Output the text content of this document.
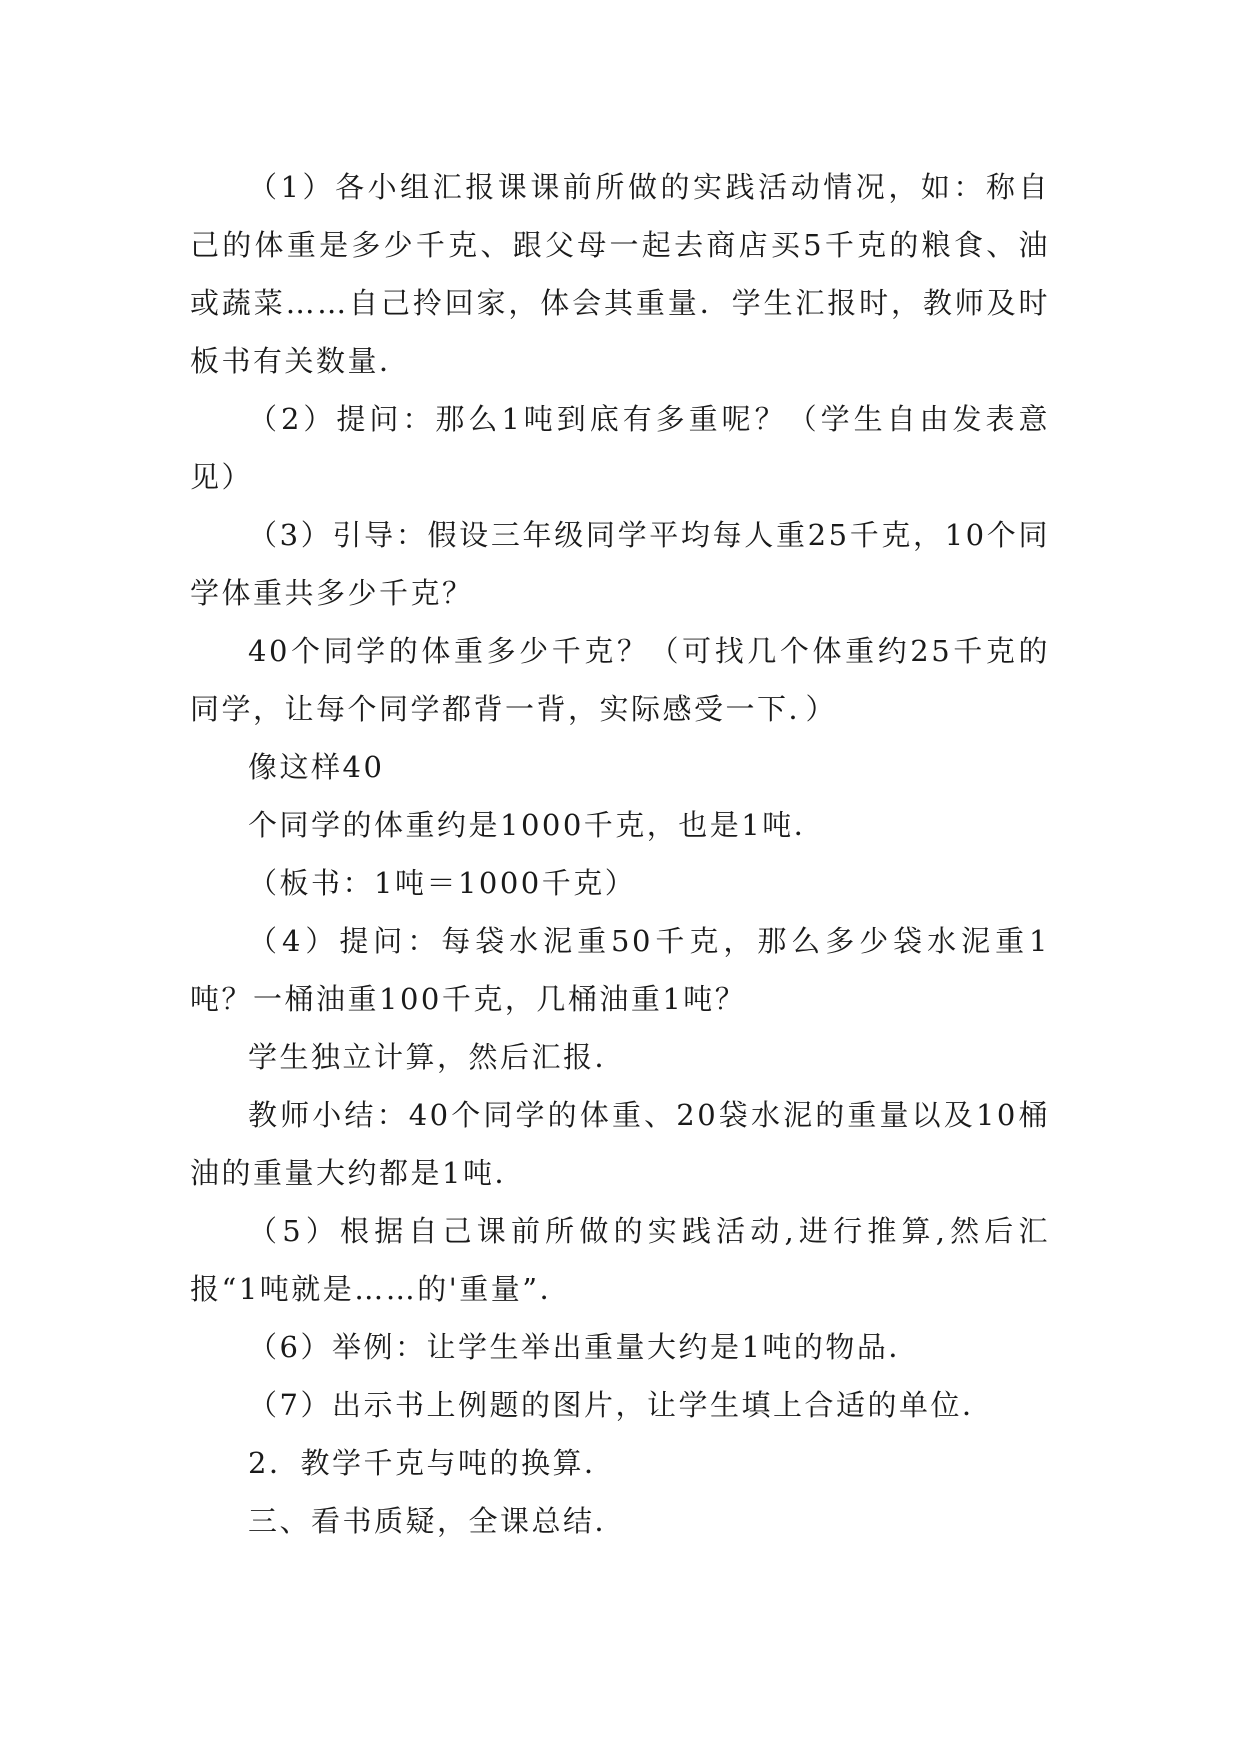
（1）各小组汇报课课前所做的实践活动情况，如：称自己的体重是多少千克、跟父母一起去商店买5千克的粮食、油或蔬菜……自己拎回家，体会其重量．学生汇报时，教师及时板书有关数量．

（2）提问：那么1吨到底有多重呢？（学生自由发表意见）

（3）引导：假设三年级同学平均每人重25千克，10个同学体重共多少千克？

40个同学的体重多少千克？（可找几个体重约25千克的同学，让每个同学都背一背，实际感受一下．）

像这样40

个同学的体重约是1000千克，也是1吨．

（板书：1吨＝1000千克）

（4）提问：每袋水泥重50千克，那么多少袋水泥重1吨？一桶油重100千克，几桶油重1吨？

学生独立计算，然后汇报．

教师小结：40个同学的体重、20袋水泥的重量以及10桶油的重量大约都是1吨．

（5）根据自己课前所做的实践活动,进行推算,然后汇报“1吨就是……的'重量”．

（6）举例：让学生举出重量大约是1吨的物品．

（7）出示书上例题的图片，让学生填上合适的单位．

2．教学千克与吨的换算．

三、看书质疑，全课总结．
